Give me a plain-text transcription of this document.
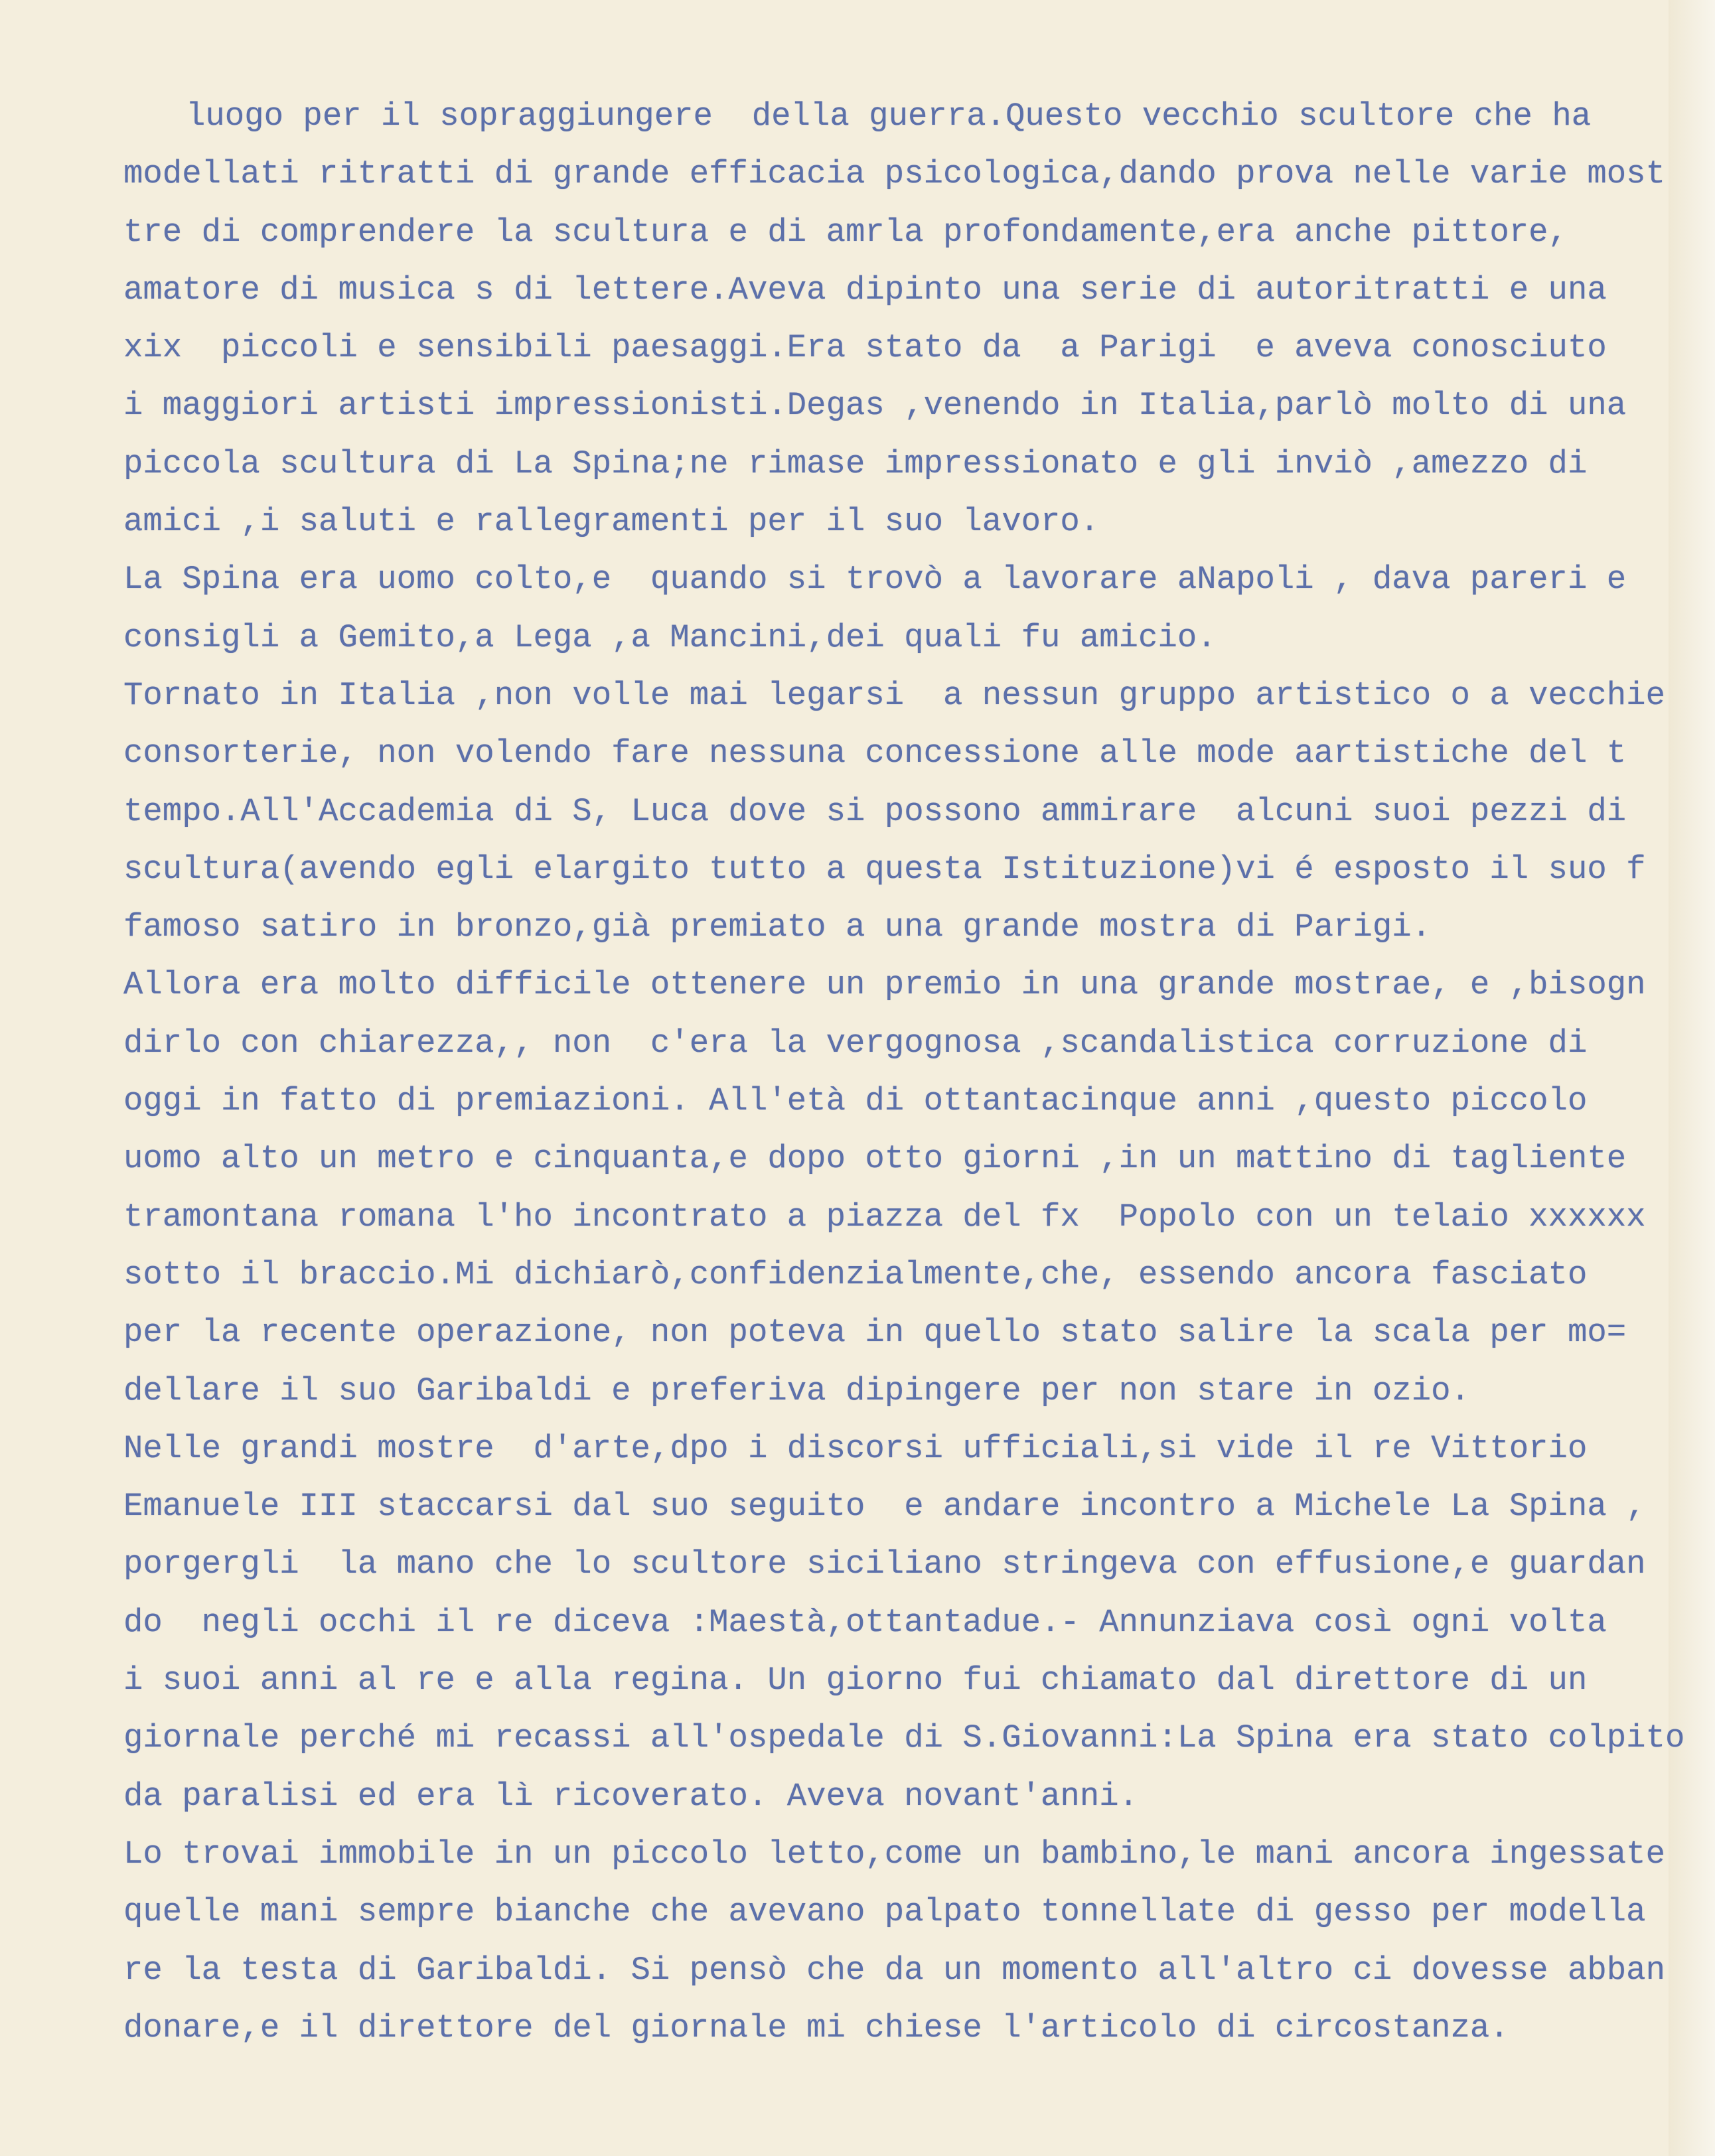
luogo per il sopraggiungere  della guerra.Questo vecchio scultore che ha
modellati ritratti di grande efficacia psicologica,dando prova nelle varie most
tre di comprendere la scultura e di amrla profondamente,era anche pittore,
amatore di musica s di lettere.Aveva dipinto una serie di autoritratti e una
xix  piccoli e sensibili paesaggi.Era stato da  a Parigi  e aveva conosciuto
i maggiori artisti impressionisti.Degas ,venendo in Italia,parlò molto di una
piccola scultura di La Spina;ne rimase impressionato e gli inviò ,amezzo di
amici ,i saluti e rallegramenti per il suo lavoro.
La Spina era uomo colto,e  quando si trovò a lavorare aNapoli , dava pareri e
consigli a Gemito,a Lega ,a Mancini,dei quali fu amicio.
Tornato in Italia ,non volle mai legarsi  a nessun gruppo artistico o a vecchie
consorterie, non volendo fare nessuna concessione alle mode aartistiche del t
tempo.All'Accademia di S, Luca dove si possono ammirare  alcuni suoi pezzi di
scultura(avendo egli elargito tutto a questa Istituzione)vi é esposto il suo f
famoso satiro in bronzo,già premiato a una grande mostra di Parigi.
Allora era molto difficile ottenere un premio in una grande mostrae, e ,bisogn
dirlo con chiarezza,, non  c'era la vergognosa ,scandalistica corruzione di
oggi in fatto di premiazioni. All'età di ottantacinque anni ,questo piccolo
uomo alto un metro e cinquanta,e dopo otto giorni ,in un mattino di tagliente
tramontana romana l'ho incontrato a piazza del fx  Popolo con un telaio xxxxxx
sotto il braccio.Mi dichiarò,confidenzialmente,che, essendo ancora fasciato
per la recente operazione, non poteva in quello stato salire la scala per mo=
dellare il suo Garibaldi e preferiva dipingere per non stare in ozio.
Nelle grandi mostre  d'arte,dpo i discorsi ufficiali,si vide il re Vittorio
Emanuele III staccarsi dal suo seguito  e andare incontro a Michele La Spina ,
porgergli  la mano che lo scultore siciliano stringeva con effusione,e guardan
do  negli occhi il re diceva :Maestà,ottantadue.- Annunziava così ogni volta
i suoi anni al re e alla regina. Un giorno fui chiamato dal direttore di un
giornale perché mi recassi all'ospedale di S.Giovanni:La Spina era stato colpito
da paralisi ed era lì ricoverato. Aveva novant'anni.
Lo trovai immobile in un piccolo letto,come un bambino,le mani ancora ingessate
quelle mani sempre bianche che avevano palpato tonnellate di gesso per modella
re la testa di Garibaldi. Si pensò che da un momento all'altro ci dovesse abban
donare,e il direttore del giornale mi chiese l'articolo di circostanza.
